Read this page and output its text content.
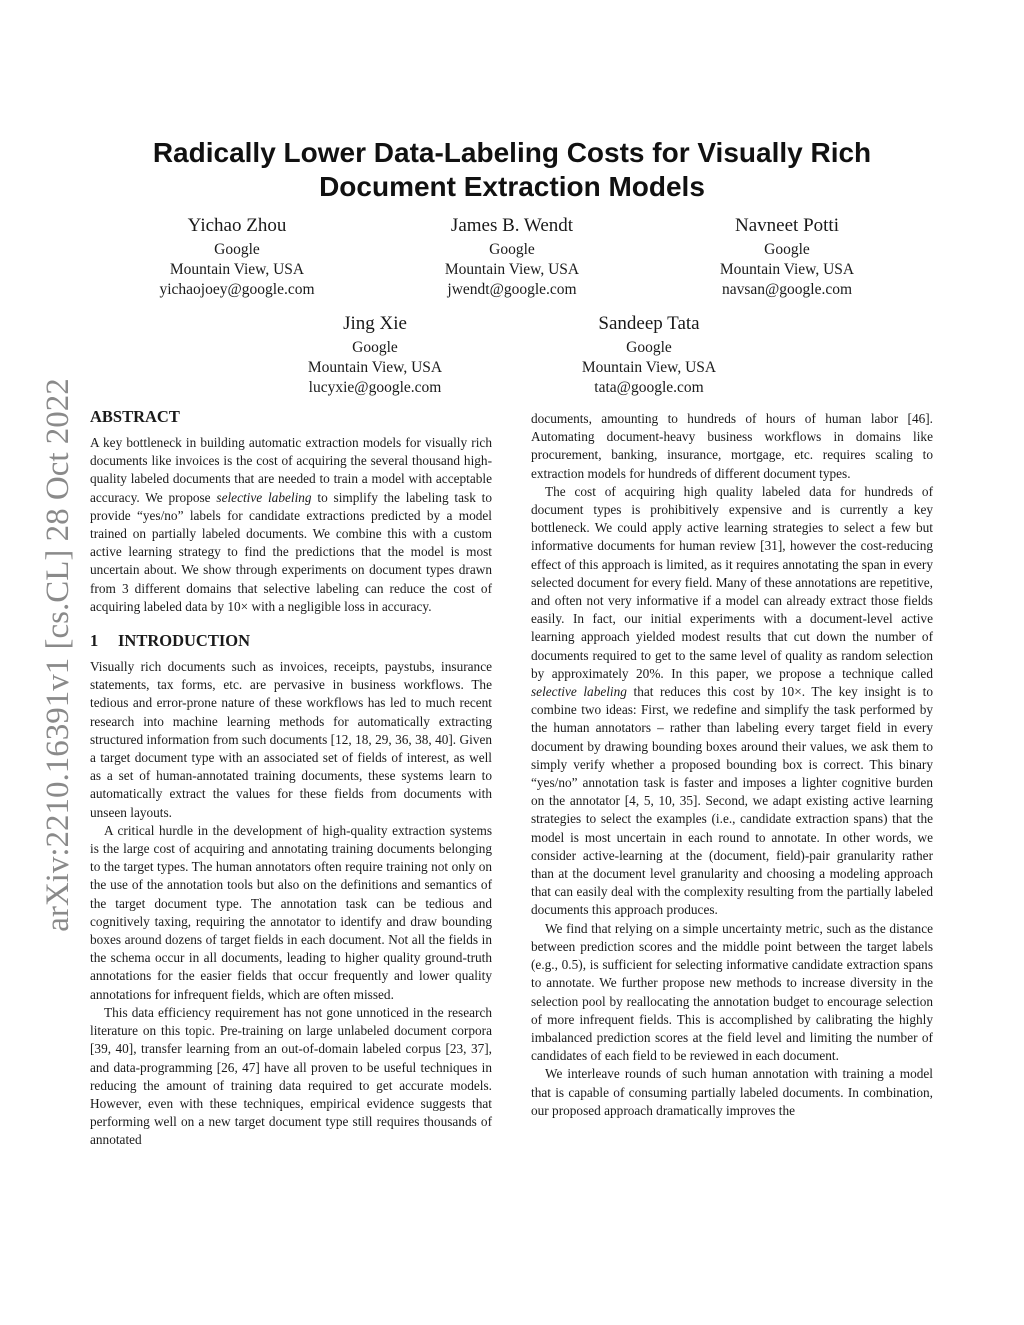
arXiv:2210.16391v1 [cs.CL] 28 Oct 2022
Radically Lower Data-Labeling Costs for Visually Rich
Document Extraction Models
Yichao Zhou
Google
Mountain View, USA
yichaojoey@google.com
James B. Wendt
Google
Mountain View, USA
jwendt@google.com
Navneet Potti
Google
Mountain View, USA
navsan@google.com
Jing Xie
Google
Mountain View, USA
lucyxie@google.com
Sandeep Tata
Google
Mountain View, USA
tata@google.com
ABSTRACT

A key bottleneck in building automatic extraction models for visually rich documents like invoices is the cost of acquiring the several thousand high-quality labeled documents that are needed to train a model with acceptable accuracy. We propose selective labeling to simplify the labeling task to provide “yes/no” labels for candidate extractions predicted by a model trained on partially labeled documents. We combine this with a custom active learning strategy to find the predictions that the model is most uncertain about. We show through experiments on document types drawn from 3 different domains that selective labeling can reduce the cost of acquiring labeled data by 10× with a negligible loss in accuracy.

1 INTRODUCTION

Visually rich documents such as invoices, receipts, paystubs, insurance statements, tax forms, etc. are pervasive in business workflows. The tedious and error-prone nature of these workflows has led to much recent research into machine learning methods for automatically extracting structured information from such documents [12, 18, 29, 36, 38, 40]. Given a target document type with an associated set of fields of interest, as well as a set of human-annotated training documents, these systems learn to automatically extract the values for these fields from documents with unseen layouts.

A critical hurdle in the development of high-quality extraction systems is the large cost of acquiring and annotating training documents belonging to the target types. The human annotators often require training not only on the use of the annotation tools but also on the definitions and semantics of the target document type. The annotation task can be tedious and cognitively taxing, requiring the annotator to identify and draw bounding boxes around dozens of target fields in each document. Not all the fields in the schema occur in all documents, leading to higher quality ground-truth annotations for the easier fields that occur frequently and lower quality annotations for infrequent fields, which are often missed.

This data efficiency requirement has not gone unnoticed in the research literature on this topic. Pre-training on large unlabeled document corpora [39, 40], transfer learning from an out-of-domain labeled corpus [23, 37], and data-programming [26, 47] have all proven to be useful techniques in reducing the amount of training data required to get accurate models. However, even with these techniques, empirical evidence suggests that performing well on a new target document type still requires thousands of annotated

documents, amounting to hundreds of hours of human labor [46]. Automating document-heavy business workflows in domains like procurement, banking, insurance, mortgage, etc. requires scaling to extraction models for hundreds of different document types.

The cost of acquiring high quality labeled data for hundreds of document types is prohibitively expensive and is currently a key bottleneck. We could apply active learning strategies to select a few but informative documents for human review [31], however the cost-reducing effect of this approach is limited, as it requires annotating the span in every selected document for every field. Many of these annotations are repetitive, and often not very informative if a model can already extract those fields easily. In fact, our initial experiments with a document-level active learning approach yielded modest results that cut down the number of documents required to get to the same level of quality as random selection by approximately 20%. In this paper, we propose a technique called selective labeling that reduces this cost by 10×. The key insight is to combine two ideas: First, we redefine and simplify the task performed by the human annotators – rather than labeling every target field in every document by drawing bounding boxes around their values, we ask them to simply verify whether a proposed bounding box is correct. This binary “yes/no” annotation task is faster and imposes a lighter cognitive burden on the annotator [4, 5, 10, 35]. Second, we adapt existing active learning strategies to select the examples (i.e., candidate extraction spans) that the model is most uncertain in each round to annotate. In other words, we consider active-learning at the (document, field)-pair granularity rather than at the document level granularity and choosing a modeling approach that can easily deal with the complexity resulting from the partially labeled documents this approach produces.

We find that relying on a simple uncertainty metric, such as the distance between prediction scores and the middle point between the target labels (e.g., 0.5), is sufficient for selecting informative candidate extraction spans to annotate. We further propose new methods to increase diversity in the selection pool by reallocating the annotation budget to encourage selection of more infrequent fields. This is accomplished by calibrating the highly imbalanced prediction scores at the field level and limiting the number of candidates of each field to be reviewed in each document.

We interleave rounds of such human annotation with training a model that is capable of consuming partially labeled documents. In combination, our proposed approach dramatically improves the
